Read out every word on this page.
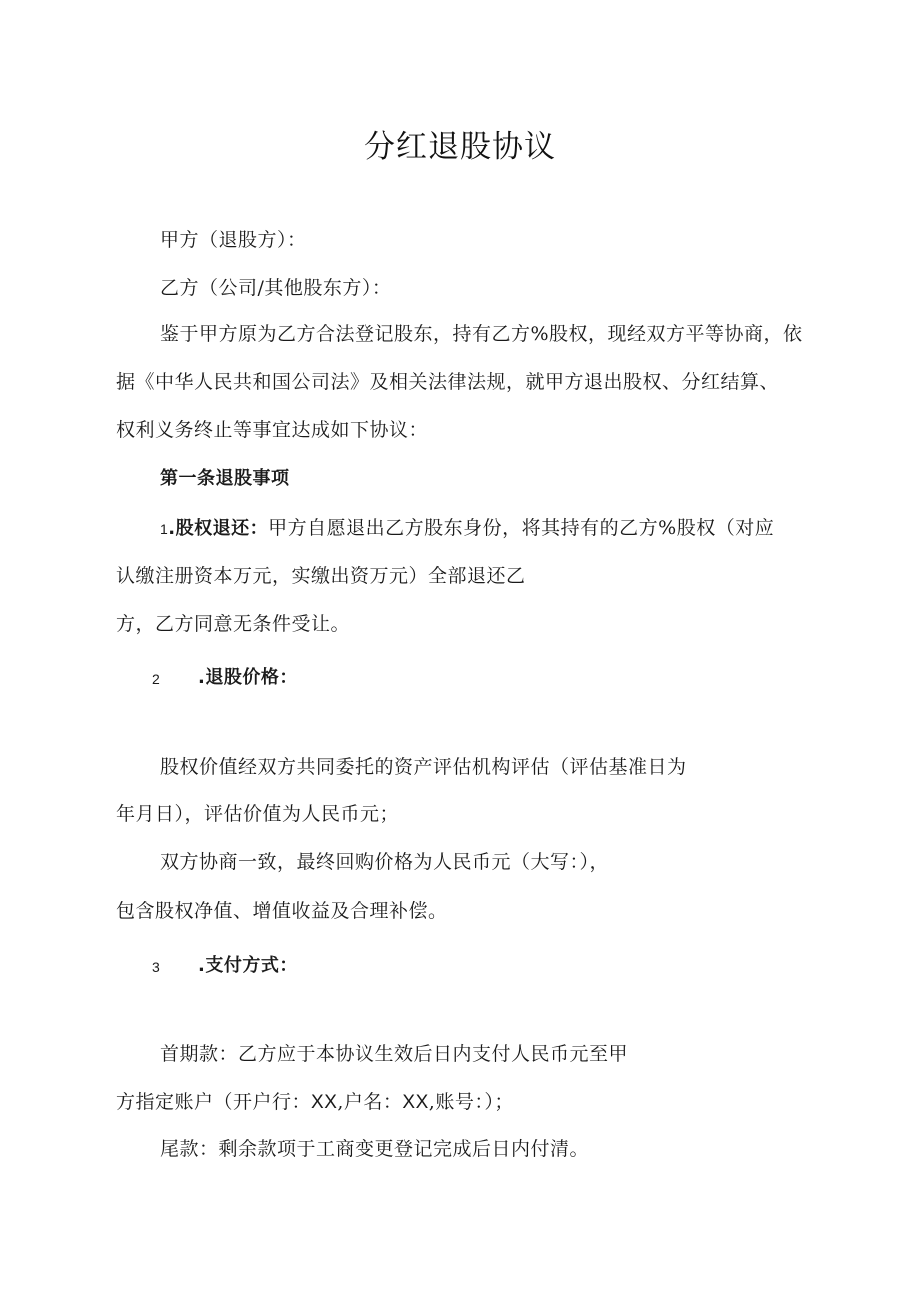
分红退股协议
甲方（退股方）：
乙方（公司/其他股东方）：
鉴于甲方原为乙方合法登记股东，持有乙方%股权，现经双方平等协商，依
据《中华人民共和国公司法》及相关法律法规，就甲方退出股权、分红结算、
权利义务终止等事宜达成如下协议：
第一条退股事项
1.股权退还：甲方自愿退出乙方股东身份，将其持有的乙方%股权（对应
认缴注册资本万元，实缴出资万元）全部退还乙
方，乙方同意无条件受让。
2 .退股价格：
股权价值经双方共同委托的资产评估机构评估（评估基准日为
年月日），评估价值为人民币元；
双方协商一致，最终回购价格为人民币元（大写：），
包含股权净值、增值收益及合理补偿。
3 .支付方式：
首期款：乙方应于本协议生效后日内支付人民币元至甲
方指定账户（开户行：XX,户名：XX,账号：）；
尾款：剩余款项于工商变更登记完成后日内付清。
